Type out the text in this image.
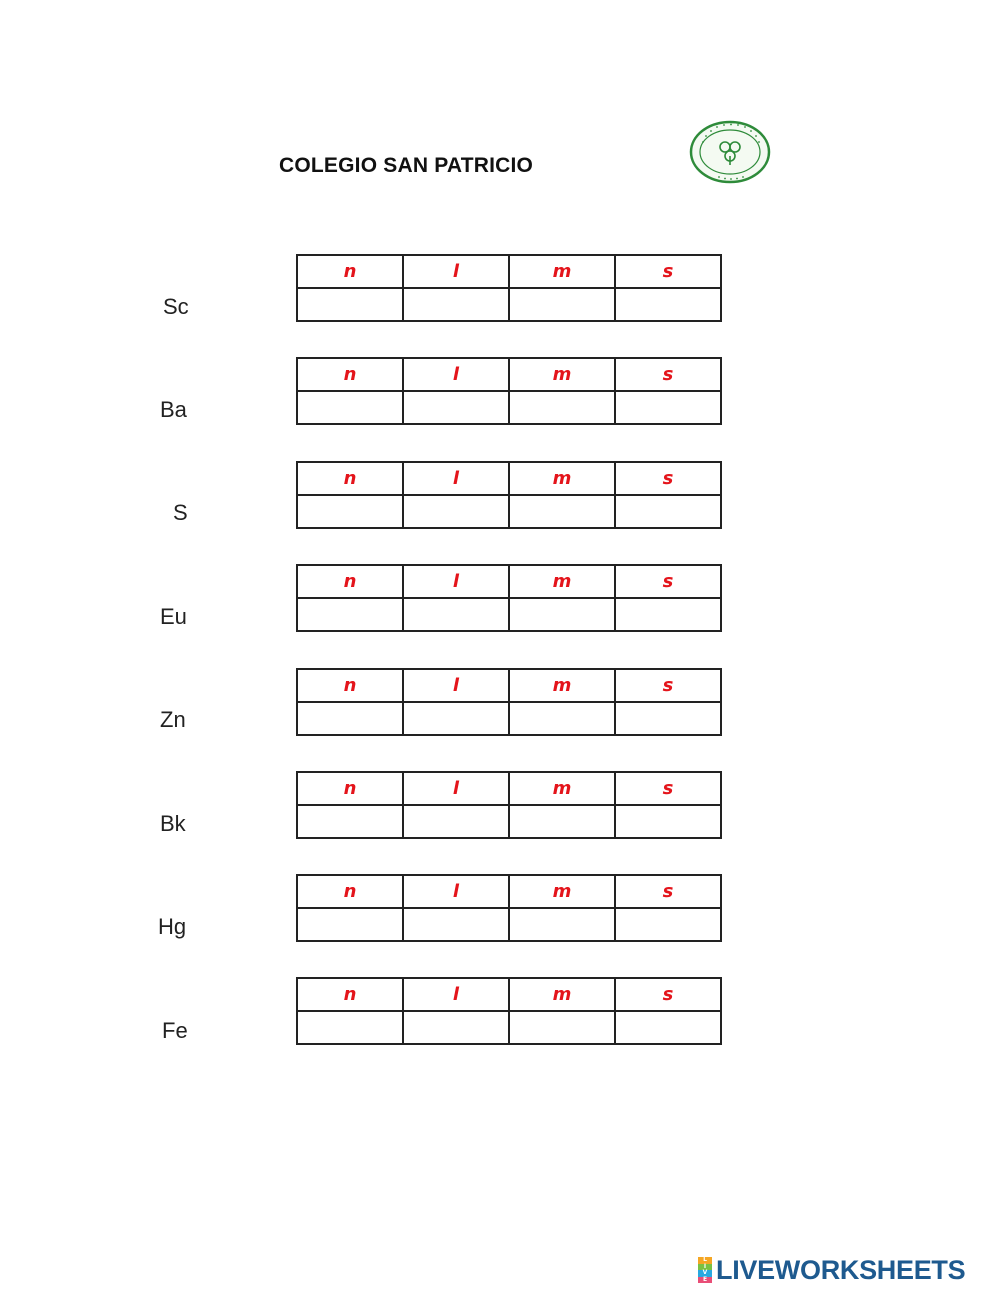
COLEGIO SAN PATRICIO
Sc
n	l	m	s

Ba
n	l	m	s

S
n	l	m	s

Eu
n	l	m	s

Zn
n	l	m	s

Bk
n	l	m	s

Hg
n	l	m	s

Fe
n	l	m	s

L
I
V
E LIVEWORKSHEETS
